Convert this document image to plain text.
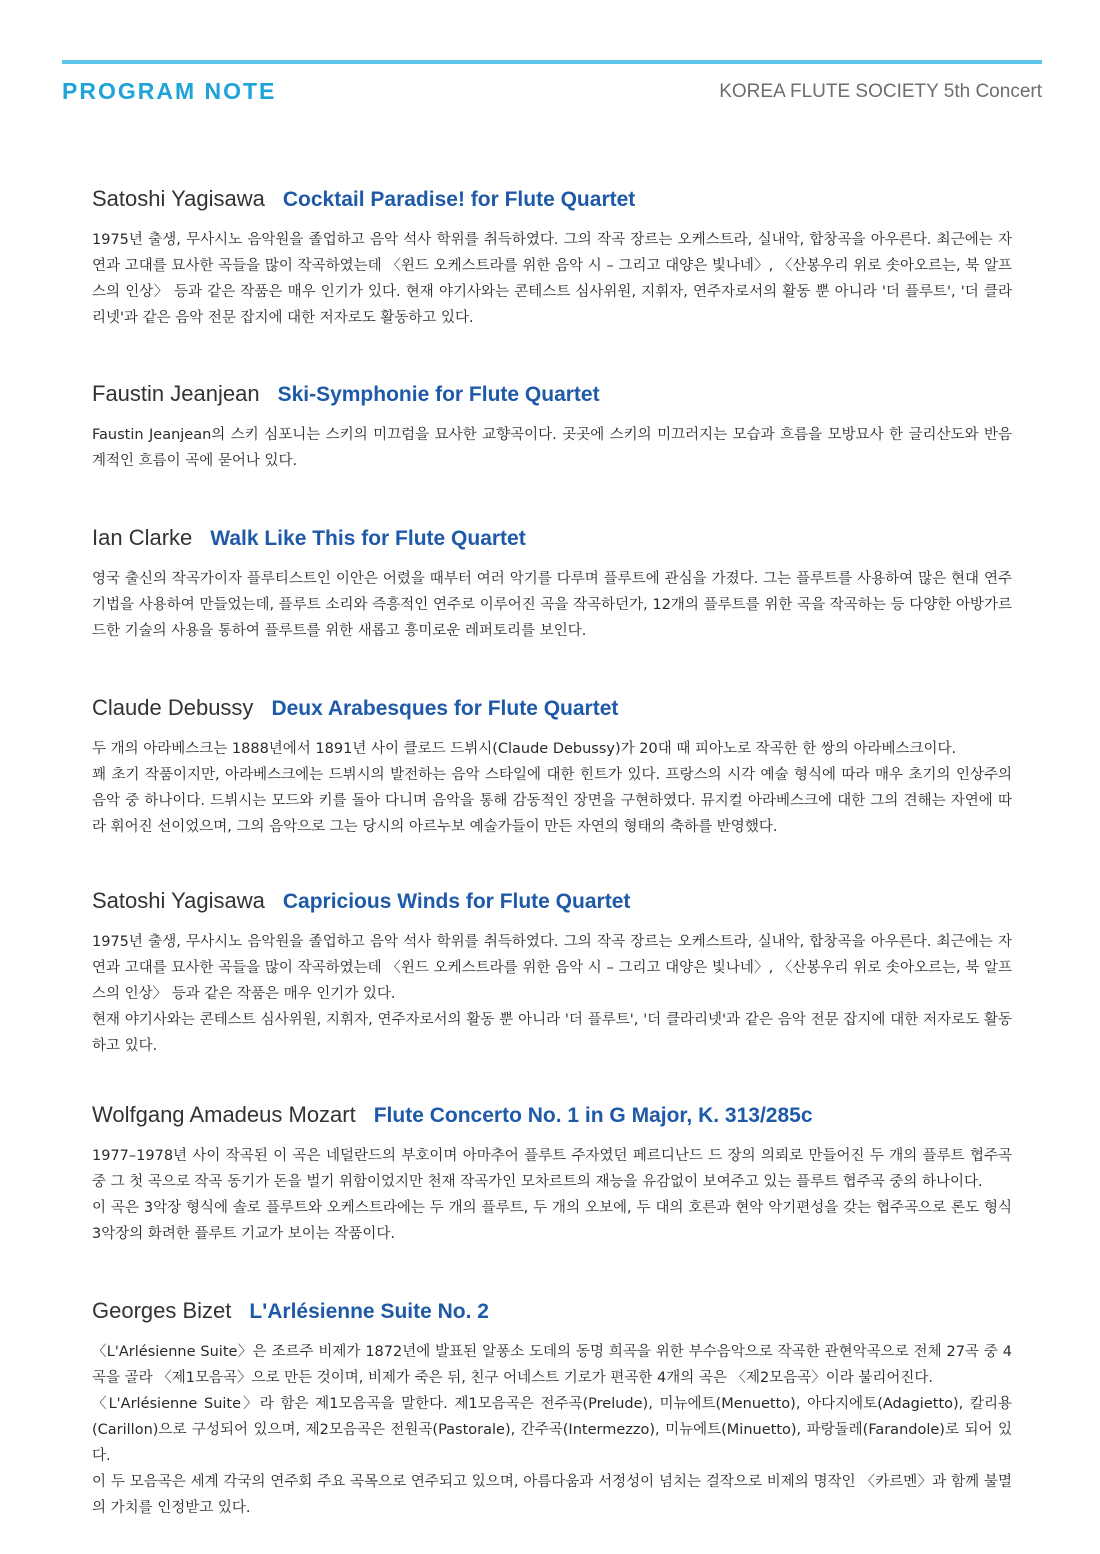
PROGRAM NOTE	KOREA FLUTE SOCIETY 5th Concert
Satoshi Yagisawa Cocktail Paradise! for Flute Quartet

1975년 출생, 무사시노 음악원을 졸업하고 음악 석사 학위를 취득하였다. 그의 작곡 장르는 오케스트라, 실내악, 합창곡을 아우른다. 최근에는 자연과 고대를 묘사한 곡들을 많이 작곡하였는데 〈윈드 오케스트라를 위한 음악 시 – 그리고 대양은 빛나네〉, 〈산봉우리 위로 솟아오르는, 북 알프스의 인상〉 등과 같은 작품은 매우 인기가 있다. 현재 야기사와는 콘테스트 심사위원, 지휘자, 연주자로서의 활동 뿐 아니라 '더 플루트', '더 클라리넷'과 같은 음악 전문 잡지에 대한 저자로도 활동하고 있다.

Faustin Jeanjean Ski-Symphonie for Flute Quartet

Faustin Jeanjean의 스키 심포니는 스키의 미끄럼을 묘사한 교향곡이다. 곳곳에 스키의 미끄러지는 모습과 흐름을 모방묘사 한 글리산도와 반음계적인 흐름이 곡에 묻어나 있다.

Ian Clarke Walk Like This for Flute Quartet

영국 출신의 작곡가이자 플루티스트인 이안은 어렸을 때부터 여러 악기를 다루며 플루트에 관심을 가졌다. 그는 플루트를 사용하여 많은 현대 연주기법을 사용하여 만들었는데, 플루트 소리와 즉흥적인 연주로 이루어진 곡을 작곡하던가, 12개의 플루트를 위한 곡을 작곡하는 등 다양한 아방가르드한 기술의 사용을 통하여 플루트를 위한 새롭고 흥미로운 레퍼토리를 보인다.

Claude Debussy Deux Arabesques for Flute Quartet

두 개의 아라베스크는 1888년에서 1891년 사이 클로드 드뷔시(Claude Debussy)가 20대 때 피아노로 작곡한 한 쌍의 아라베스크이다.

꽤 초기 작품이지만, 아라베스크에는 드뷔시의 발전하는 음악 스타일에 대한 힌트가 있다. 프랑스의 시각 예술 형식에 따라 매우 초기의 인상주의 음악 중 하나이다. 드뷔시는 모드와 키를 돌아 다니며 음악을 통해 감동적인 장면을 구현하였다. 뮤지컬 아라베스크에 대한 그의 견해는 자연에 따라 휘어진 선이었으며, 그의 음악으로 그는 당시의 아르누보 예술가들이 만든 자연의 형태의 축하를 반영했다.

Satoshi Yagisawa Capricious Winds for Flute Quartet

1975년 출생, 무사시노 음악원을 졸업하고 음악 석사 학위를 취득하였다. 그의 작곡 장르는 오케스트라, 실내악, 합창곡을 아우른다. 최근에는 자연과 고대를 묘사한 곡들을 많이 작곡하였는데 〈윈드 오케스트라를 위한 음악 시 – 그리고 대양은 빛나네〉, 〈산봉우리 위로 솟아오르는, 북 알프스의 인상〉 등과 같은 작품은 매우 인기가 있다.

현재 야기사와는 콘테스트 심사위원, 지휘자, 연주자로서의 활동 뿐 아니라 '더 플루트', '더 클라리넷'과 같은 음악 전문 잡지에 대한 저자로도 활동하고 있다.

Wolfgang Amadeus Mozart Flute Concerto No. 1 in G Major, K. 313/285c

1977–1978년 사이 작곡된 이 곡은 네덜란드의 부호이며 아마추어 플루트 주자였던 페르디난드 드 장의 의뢰로 만들어진 두 개의 플루트 협주곡 중 그 첫 곡으로 작곡 동기가 돈을 벌기 위함이었지만 천재 작곡가인 모차르트의 재능을 유감없이 보여주고 있는 플루트 협주곡 중의 하나이다.

이 곡은 3악장 형식에 솔로 플루트와 오케스트라에는 두 개의 플루트, 두 개의 오보에, 두 대의 호른과 현악 악기편성을 갖는 협주곡으로 론도 형식 3악장의 화려한 플루트 기교가 보이는 작품이다.

Georges Bizet L'Arlésienne Suite No. 2

〈L'Arlésienne Suite〉은 조르주 비제가 1872년에 발표된 알퐁소 도데의 동명 희곡을 위한 부수음악으로 작곡한 관현악곡으로 전체 27곡 중 4곡을 골라 〈제1모음곡〉으로 만든 것이며, 비제가 죽은 뒤, 친구 어네스트 기로가 편곡한 4개의 곡은 〈제2모음곡〉이라 불리어진다.

〈L'Arlésienne Suite〉라 함은 제1모음곡을 말한다. 제1모음곡은 전주곡(Prelude), 미뉴에트(Menuetto), 아다지에토(Adagietto), 칼리용(Carillon)으로 구성되어 있으며, 제2모음곡은 전원곡(Pastorale), 간주곡(Intermezzo), 미뉴에트(Minuetto), 파랑돌레(Farandole)로 되어 있다.

이 두 모음곡은 세계 각국의 연주회 주요 곡목으로 연주되고 있으며, 아름다움과 서정성이 넘치는 걸작으로 비제의 명작인 〈카르멘〉과 함께 불멸의 가치를 인정받고 있다.
